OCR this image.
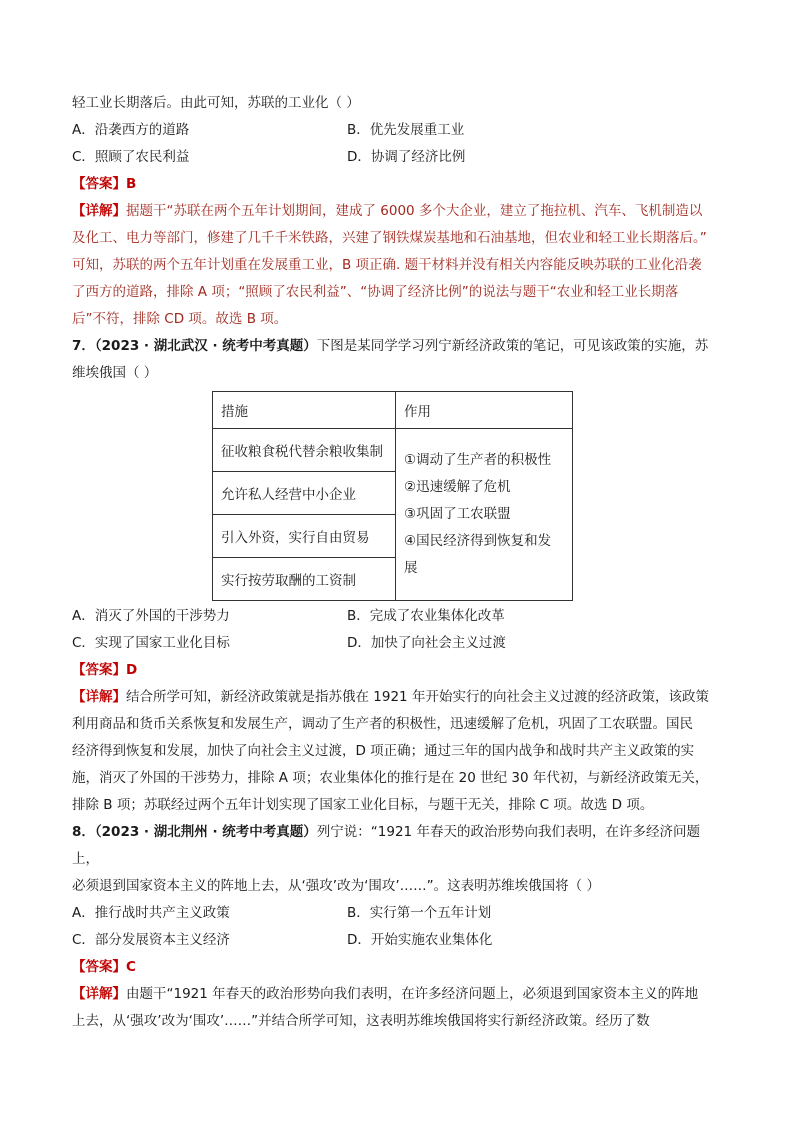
轻工业长期落后。由此可知，苏联的工业化（ ）
A．沿袭西方的道路	B．优先发展重工业
C．照顾了农民利益	D．协调了经济比例
【答案】B

【详解】据题干“苏联在两个五年计划期间，建成了 6000 多个大企业，建立了拖拉机、汽车、飞机制造以

及化工、电力等部门，修建了几千千米铁路，兴建了钢铁煤炭基地和石油基地，但农业和轻工业长期落后。”

可知，苏联的两个五年计划重在发展重工业，B 项正确. 题干材料并没有相关内容能反映苏联的工业化沿袭

了西方的道路，排除 A 项；“照顾了农民利益”、“协调了经济比例”的说法与题干“农业和轻工业长期落

后”不符，排除 CD 项。故选 B 项。

7．（2023 · 湖北武汉 · 统考中考真题）下图是某同学学习列宁新经济政策的笔记，可见该政策的实施，苏
维埃俄国（ ）
措施	作用
征收粮食税代替余粮收集制	①调动了生产者的积极性
②迅速缓解了危机
③巩固了工农联盟
④国民经济得到恢复和发展

允许私人经营中小企业	
引入外资，实行自由贸易	
实行按劳取酬的工资制	
A．消灭了外国的干涉势力	B．完成了农业集体化改革
C．实现了国家工业化目标	D．加快了向社会主义过渡
【答案】D

【详解】结合所学可知，新经济政策就是指苏俄在 1921 年开始实行的向社会主义过渡的经济政策，该政策

利用商品和货币关系恢复和发展生产，调动了生产者的积极性，迅速缓解了危机，巩固了工农联盟。国民

经济得到恢复和发展，加快了向社会主义过渡，D 项正确；通过三年的国内战争和战时共产主义政策的实

施，消灭了外国的干涉势力，排除 A 项；农业集体化的推行是在 20 世纪 30 年代初，与新经济政策无关，

排除 B 项；苏联经过两个五年计划实现了国家工业化目标，与题干无关，排除 C 项。故选 D 项。

8．（2023 · 湖北荆州 · 统考中考真题）列宁说：“1921 年春天的政治形势向我们表明，在许多经济问题上，
必须退到国家资本主义的阵地上去，从‘强攻’改为‘围攻’……”。这表明苏维埃俄国将（ ）
A．推行战时共产主义政策	B．实行第一个五年计划
C．部分发展资本主义经济	D．开始实施农业集体化
【答案】C

【详解】由题干“1921 年春天的政治形势向我们表明，在许多经济问题上，必须退到国家资本主义的阵地

上去，从‘强攻’改为‘围攻’……”并结合所学可知，这表明苏维埃俄国将实行新经济政策。经历了数
